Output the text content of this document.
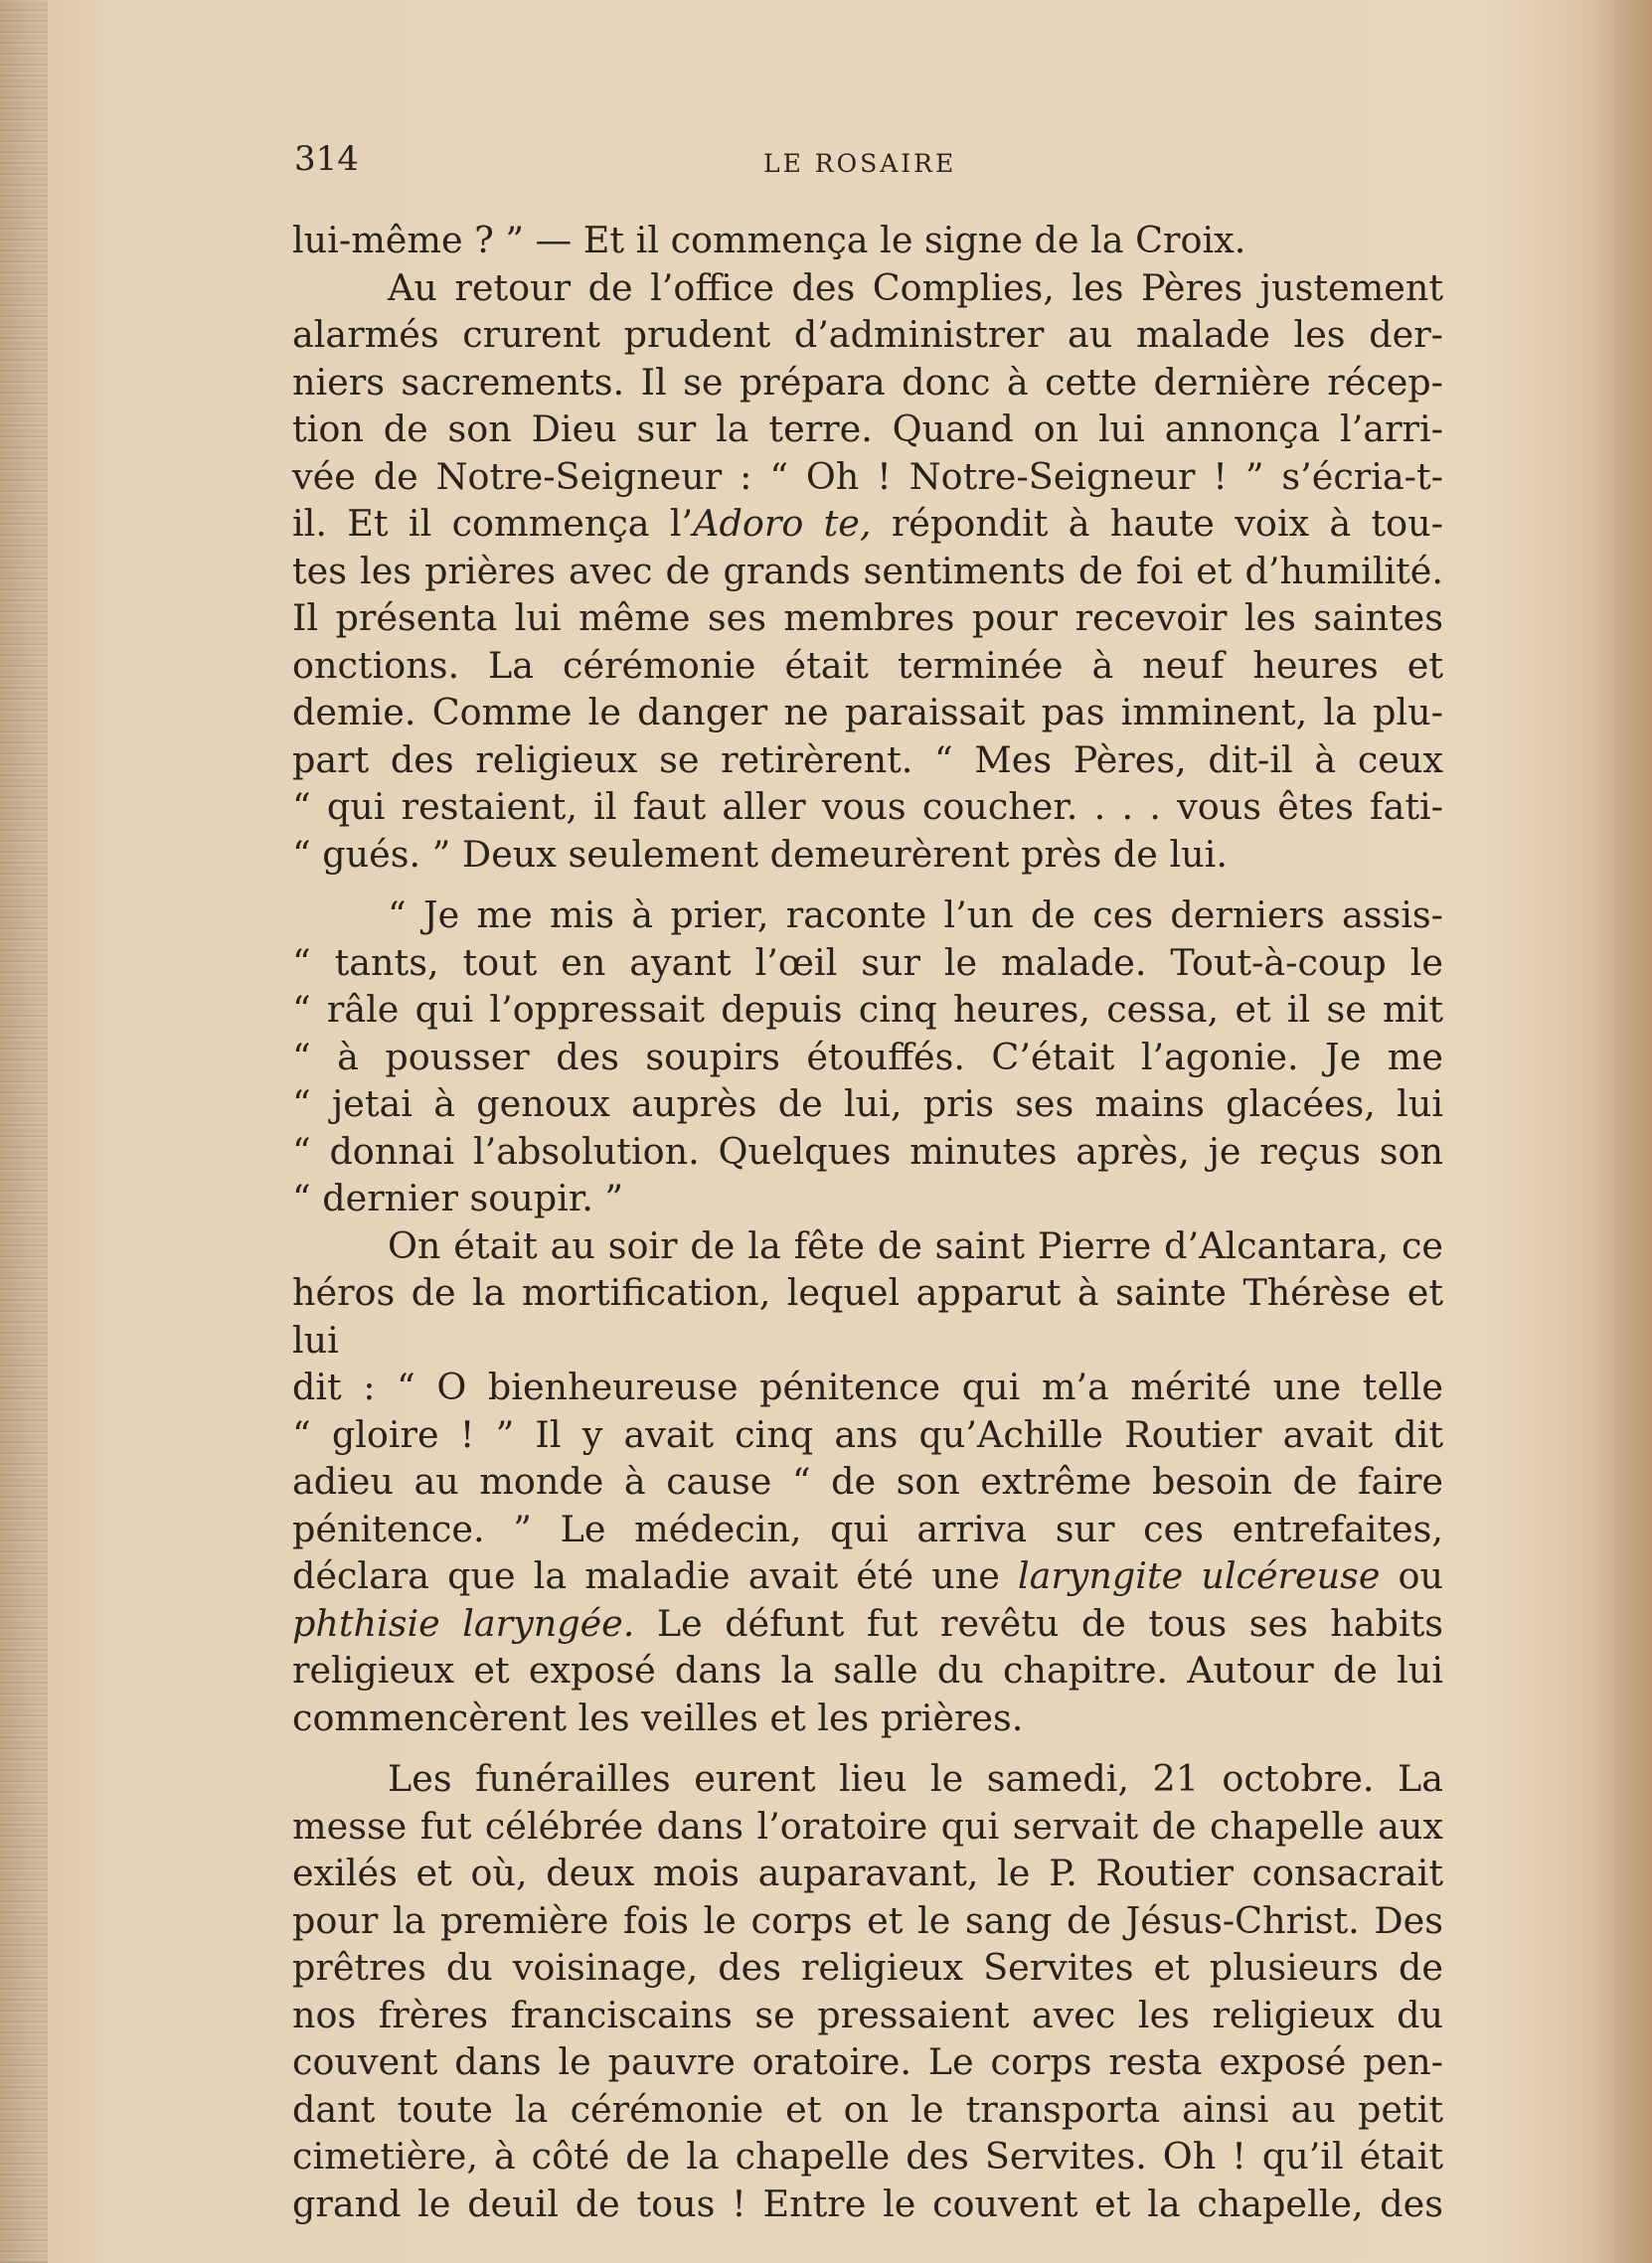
314	LE ROSAIRE

lui-même ? ” — Et il commença le signe de la Croix.

Au retour de l’office des Complies, les Pères justement

alarmés crurent prudent d’administrer au malade les der-

niers sacrements. Il se prépara donc à cette dernière récep-

tion de son Dieu sur la terre. Quand on lui annonça l’arri-

vée de Notre-Seigneur : “ Oh ! Notre-Seigneur ! ” s’écria-t-

il. Et il commença l’Adoro te, répondit à haute voix à tou-

tes les prières avec de grands sentiments de foi et d’humilité.

Il présenta lui même ses membres pour recevoir les saintes

onctions. La cérémonie était terminée à neuf heures et

demie. Comme le danger ne paraissait pas imminent, la plu-

part des religieux se retirèrent. “ Mes Pères, dit-il à ceux

“ qui restaient, il faut aller vous coucher. . . . vous êtes fati-

“ gués. ” Deux seulement demeurèrent près de lui.

“ Je me mis à prier, raconte l’un de ces derniers assis-

“ tants, tout en ayant l’œil sur le malade. Tout-à-coup le

“ râle qui l’oppressait depuis cinq heures, cessa, et il se mit

“ à pousser des soupirs étouffés. C’était l’agonie. Je me

“ jetai à genoux auprès de lui, pris ses mains glacées, lui

“ donnai l’absolution. Quelques minutes après, je reçus son

“ dernier soupir. ”

On était au soir de la fête de saint Pierre d’Alcantara, ce

héros de la mortification, lequel apparut à sainte Thérèse et lui

dit : “ O bienheureuse pénitence qui m’a mérité une telle

“ gloire ! ” Il y avait cinq ans qu’Achille Routier avait dit

adieu au monde à cause “ de son extrême besoin de faire

pénitence. ” Le médecin, qui arriva sur ces entrefaites,

déclara que la maladie avait été une laryngite ulcéreuse ou

phthisie laryngée. Le défunt fut revêtu de tous ses habits

religieux et exposé dans la salle du chapitre. Autour de lui

commencèrent les veilles et les prières.

Les funérailles eurent lieu le samedi, 21 octobre. La

messe fut célébrée dans l’oratoire qui servait de chapelle aux

exilés et où, deux mois auparavant, le P. Routier consacrait

pour la première fois le corps et le sang de Jésus-Christ. Des

prêtres du voisinage, des religieux Servites et plusieurs de

nos frères franciscains se pressaient avec les religieux du

couvent dans le pauvre oratoire. Le corps resta exposé pen-

dant toute la cérémonie et on le transporta ainsi au petit

cimetière, à côté de la chapelle des Servites. Oh ! qu’il était

grand le deuil de tous ! Entre le couvent et la chapelle, des
